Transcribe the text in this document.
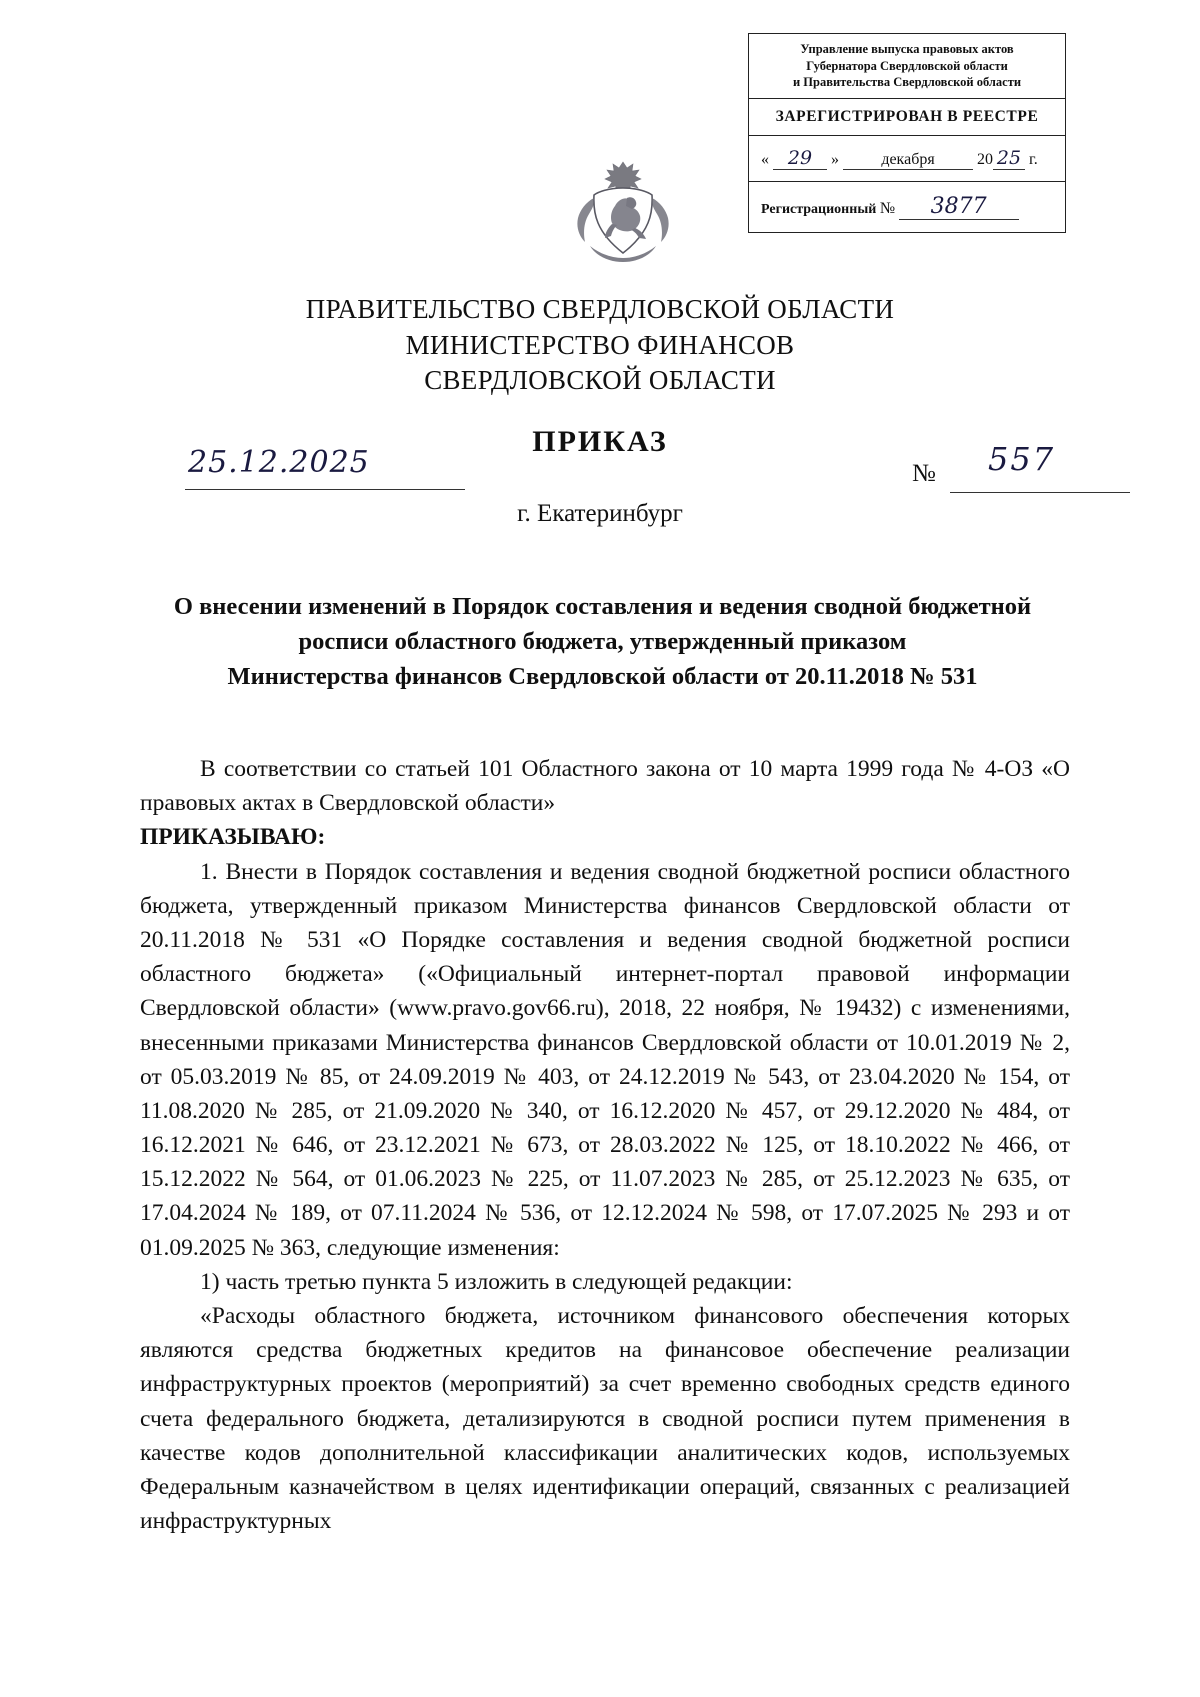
Управление выпуска правовых актов
Губернатора Свердловской области
и Правительства Свердловской области
ЗАРЕГИСТРИРОВАН В РЕЕСТРЕ
« 29 »	декабря	20 25 г.
Регистрационный № 3877
ПРАВИТЕЛЬСТВО СВЕРДЛОВСКОЙ ОБЛАСТИ
МИНИСТЕРСТВО ФИНАНСОВ
СВЕРДЛОВСКОЙ ОБЛАСТИ
ПРИКАЗ
25.12.2025	№ 557
г. Екатеринбург
О внесении изменений в Порядок составления и ведения сводной бюджетной
росписи областного бюджета, утвержденный приказом
Министерства финансов Свердловской области от 20.11.2018 № 531

В соответствии со статьей 101 Областного закона от 10 марта 1999 года № 4-ОЗ «О правовых актах в Свердловской области»

ПРИКАЗЫВАЮ:

1. Внести в Порядок составления и ведения сводной бюджетной росписи областного бюджета, утвержденный приказом Министерства финансов Свердловской области от 20.11.2018 № 531 «О Порядке составления и ведения сводной бюджетной росписи областного бюджета» («Официальный интернет-портал правовой информации Свердловской области» (www.pravo.gov66.ru), 2018, 22 ноября, № 19432) с изменениями, внесенными приказами Министерства финансов Свердловской области от 10.01.2019 № 2, от 05.03.2019 № 85, от 24.09.2019 № 403, от 24.12.2019 № 543, от 23.04.2020 № 154, от 11.08.2020 № 285, от 21.09.2020 № 340, от 16.12.2020 № 457, от 29.12.2020 № 484, от 16.12.2021 № 646, от 23.12.2021 № 673, от 28.03.2022 № 125, от 18.10.2022 № 466, от 15.12.2022 № 564, от 01.06.2023 № 225, от 11.07.2023 № 285, от 25.12.2023 № 635, от 17.04.2024 № 189, от 07.11.2024 № 536, от 12.12.2024 № 598, от 17.07.2025 № 293 и от 01.09.2025 № 363, следующие изменения:

1) часть третью пункта 5 изложить в следующей редакции:

«Расходы областного бюджета, источником финансового обеспечения которых являются средства бюджетных кредитов на финансовое обеспечение реализации инфраструктурных проектов (мероприятий) за счет временно свободных средств единого счета федерального бюджета, детализируются в сводной росписи путем применения в качестве кодов дополнительной классификации аналитических кодов, используемых Федеральным казначейством в целях идентификации операций, связанных с реализацией инфраструктурных
